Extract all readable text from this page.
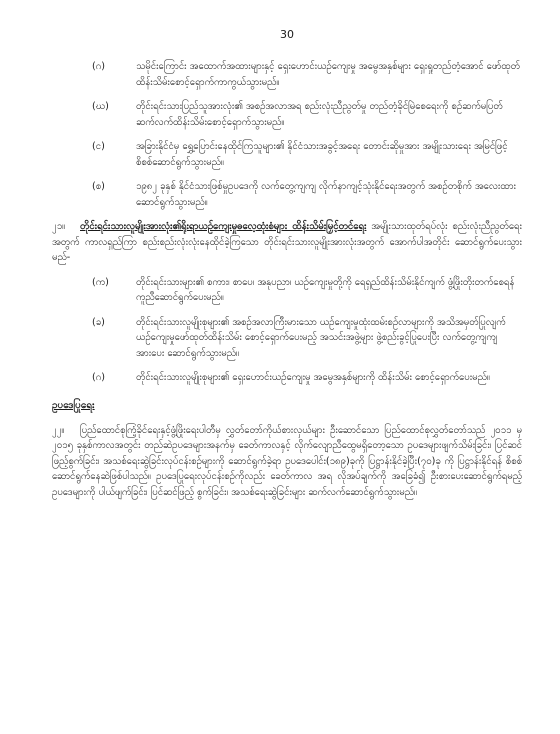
30
(ဂ)	သမိုင်းကြောင်း အထောက်အထားများနှင့် ရှေးဟောင်းယဉ်ကျေးမှု အမွေအနှစ်များ ရှေးရှုတည်တံ့အောင် ဖော်ထုတ်ထိန်းသိမ်းစောင့်ရှောက်ကာကွယ်သွားမည်။
(ဃ)	တိုင်းရင်းသားပြည်သူအားလုံး၏ အစဉ်အလာအရ စည်းလုံးညီညွတ်မှု တည်တံ့ခိုင်မြဲစေရေးကို စဉ်ဆက်မပြတ် ဆက်လက်ထိန်းသိမ်းစောင့်ရှောက်သွားမည်။
(င)	အခြားနိုင်ငံမှ ရွှေ့ပြောင်းနေထိုင်ကြသူများ၏ နိုင်ငံသားအခွင့်အရေး တောင်းဆိုမှုအား အမျိုးသားရေး အမြင်ဖြင့် စိစစ်ဆောင်ရွက်သွားမည်။
(စ)	၁၉၈၂ ခုနှစ် နိုင်ငံသားဖြစ်မှုဥပဒေကို လက်တွေ့ကျကျ လိုက်နာကျင့်သုံးနိုင်ရေးအတွက် အစဉ်တစိုက် အလေးထားဆောင်ရွက်သွားမည်။
၂၁။ တိုင်းရင်းသားလူမျိုးအားလုံး၏ရိုးရာယဉ်ကျေးမှုဓလေ့ထုံးစံများ ထိန်းသိမ်းမြှင့်တင်ရေး အမျိုးသားထုတ်ရပ်လုံး စည်းလုံးညီညွတ်ရေးအတွက် ကာလရှည်ကြာ စည်းစည်းလုံးလုံးနေထိုင်ခဲ့ကြသော တိုင်းရင်းသားလူမျိုးအားလုံးအတွက် အောက်ပါအတိုင်း ဆောင်ရွက်ပေးသွားမည်-
(က)	တိုင်းရင်းသားများ၏ စကား၊ စာပေ၊ အနုပညာ၊ ယဉ်ကျေးမှုတို့ကို ရေရှည်ထိန်းသိမ်းနိုင်ကျက် ဖွံ့ဖြိုးတိုးတက်စေရန် ကူညီဆောင်ရွက်ပေးမည်။
(ခ)	တိုင်းရင်းသားလူမျိုးစုများ၏ အစဉ်အလာကြီးမားသော ယဉ်ကျေးမှုထုံးထမ်းစဉ်လာများကို အသိအမှတ်ပြုလျက် ယဉ်ကျေးမှုဖော်ထုတ်ထိန်းသိမ်း စောင့်ရှောက်ပေးမည့် အသင်းအဖွဲ့များ ဖွဲ့စည်းခွင့်ပြုပေးပြီး လက်တွေ့ကျကျအားပေး ဆောင်ရွက်သွားမည်။
(ဂ)	တိုင်းရင်းသားလူမျိုးစုများ၏ ရှေးဟောင်းယဉ်ကျေးမှု အမွေအနှစ်များကို ထိန်းသိမ်း စောင့်ရှောက်ပေးမည်။
ဥပဒေပြုရေး
၂၂။ ပြည်ထောင်စုကြံ့ခိုင်ရေးနှင့်ဖွံ့ဖြိုးရေးပါတီမှ လွှတ်တော်ကိုယ်စားလှယ်များ ဦးဆောင်သော ပြည်ထောင်စုလွှတ်တော်သည် ၂၀၁၁ မှ ၂၀၁၅ ခုနှစ်ကာလအတွင်း တည်ဆဲဥပဒေများအနက်မှ ခေတ်ကာလနှင့် လိုက်လျောညီထွေမရှိတော့သော ဥပဒေများဖျက်သိမ်းခြင်း၊ ပြင်ဆင်ဖြည့်စွက်ခြင်း၊ အသစ်ရေးဆွဲခြင်းလုပ်ငန်းစဉ်များကို ဆောင်ရွက်ခဲ့ရာ ဥပဒေပေါင်း(၁၈၉)ခုကို ပြဋ္ဌာန်းနိုင်ခဲ့ပြီး(၇၀)ခု ကို ပြဋ္ဌာန်းနိုင်ရန် စိစစ်ဆောင်ရွက်နေဆဲဖြစ်ပါသည်။ ဥပဒေပြုရေးလုပ်ငန်းစဉ်ကိုလည်း ခေတ်ကာလ အရ လိုအပ်ချက်ကို အခြေခံ၍ ဦးစားပေးဆောင်ရွက်ရမည့်ဥပဒေများကို ပါယ်ဖျက်ခြင်း၊ ပြင်ဆင်ဖြည့် စွက်ခြင်း၊ အသစ်ရေးဆွဲခြင်းများ ဆက်လက်ဆောင်ရွက်သွားမည်။
